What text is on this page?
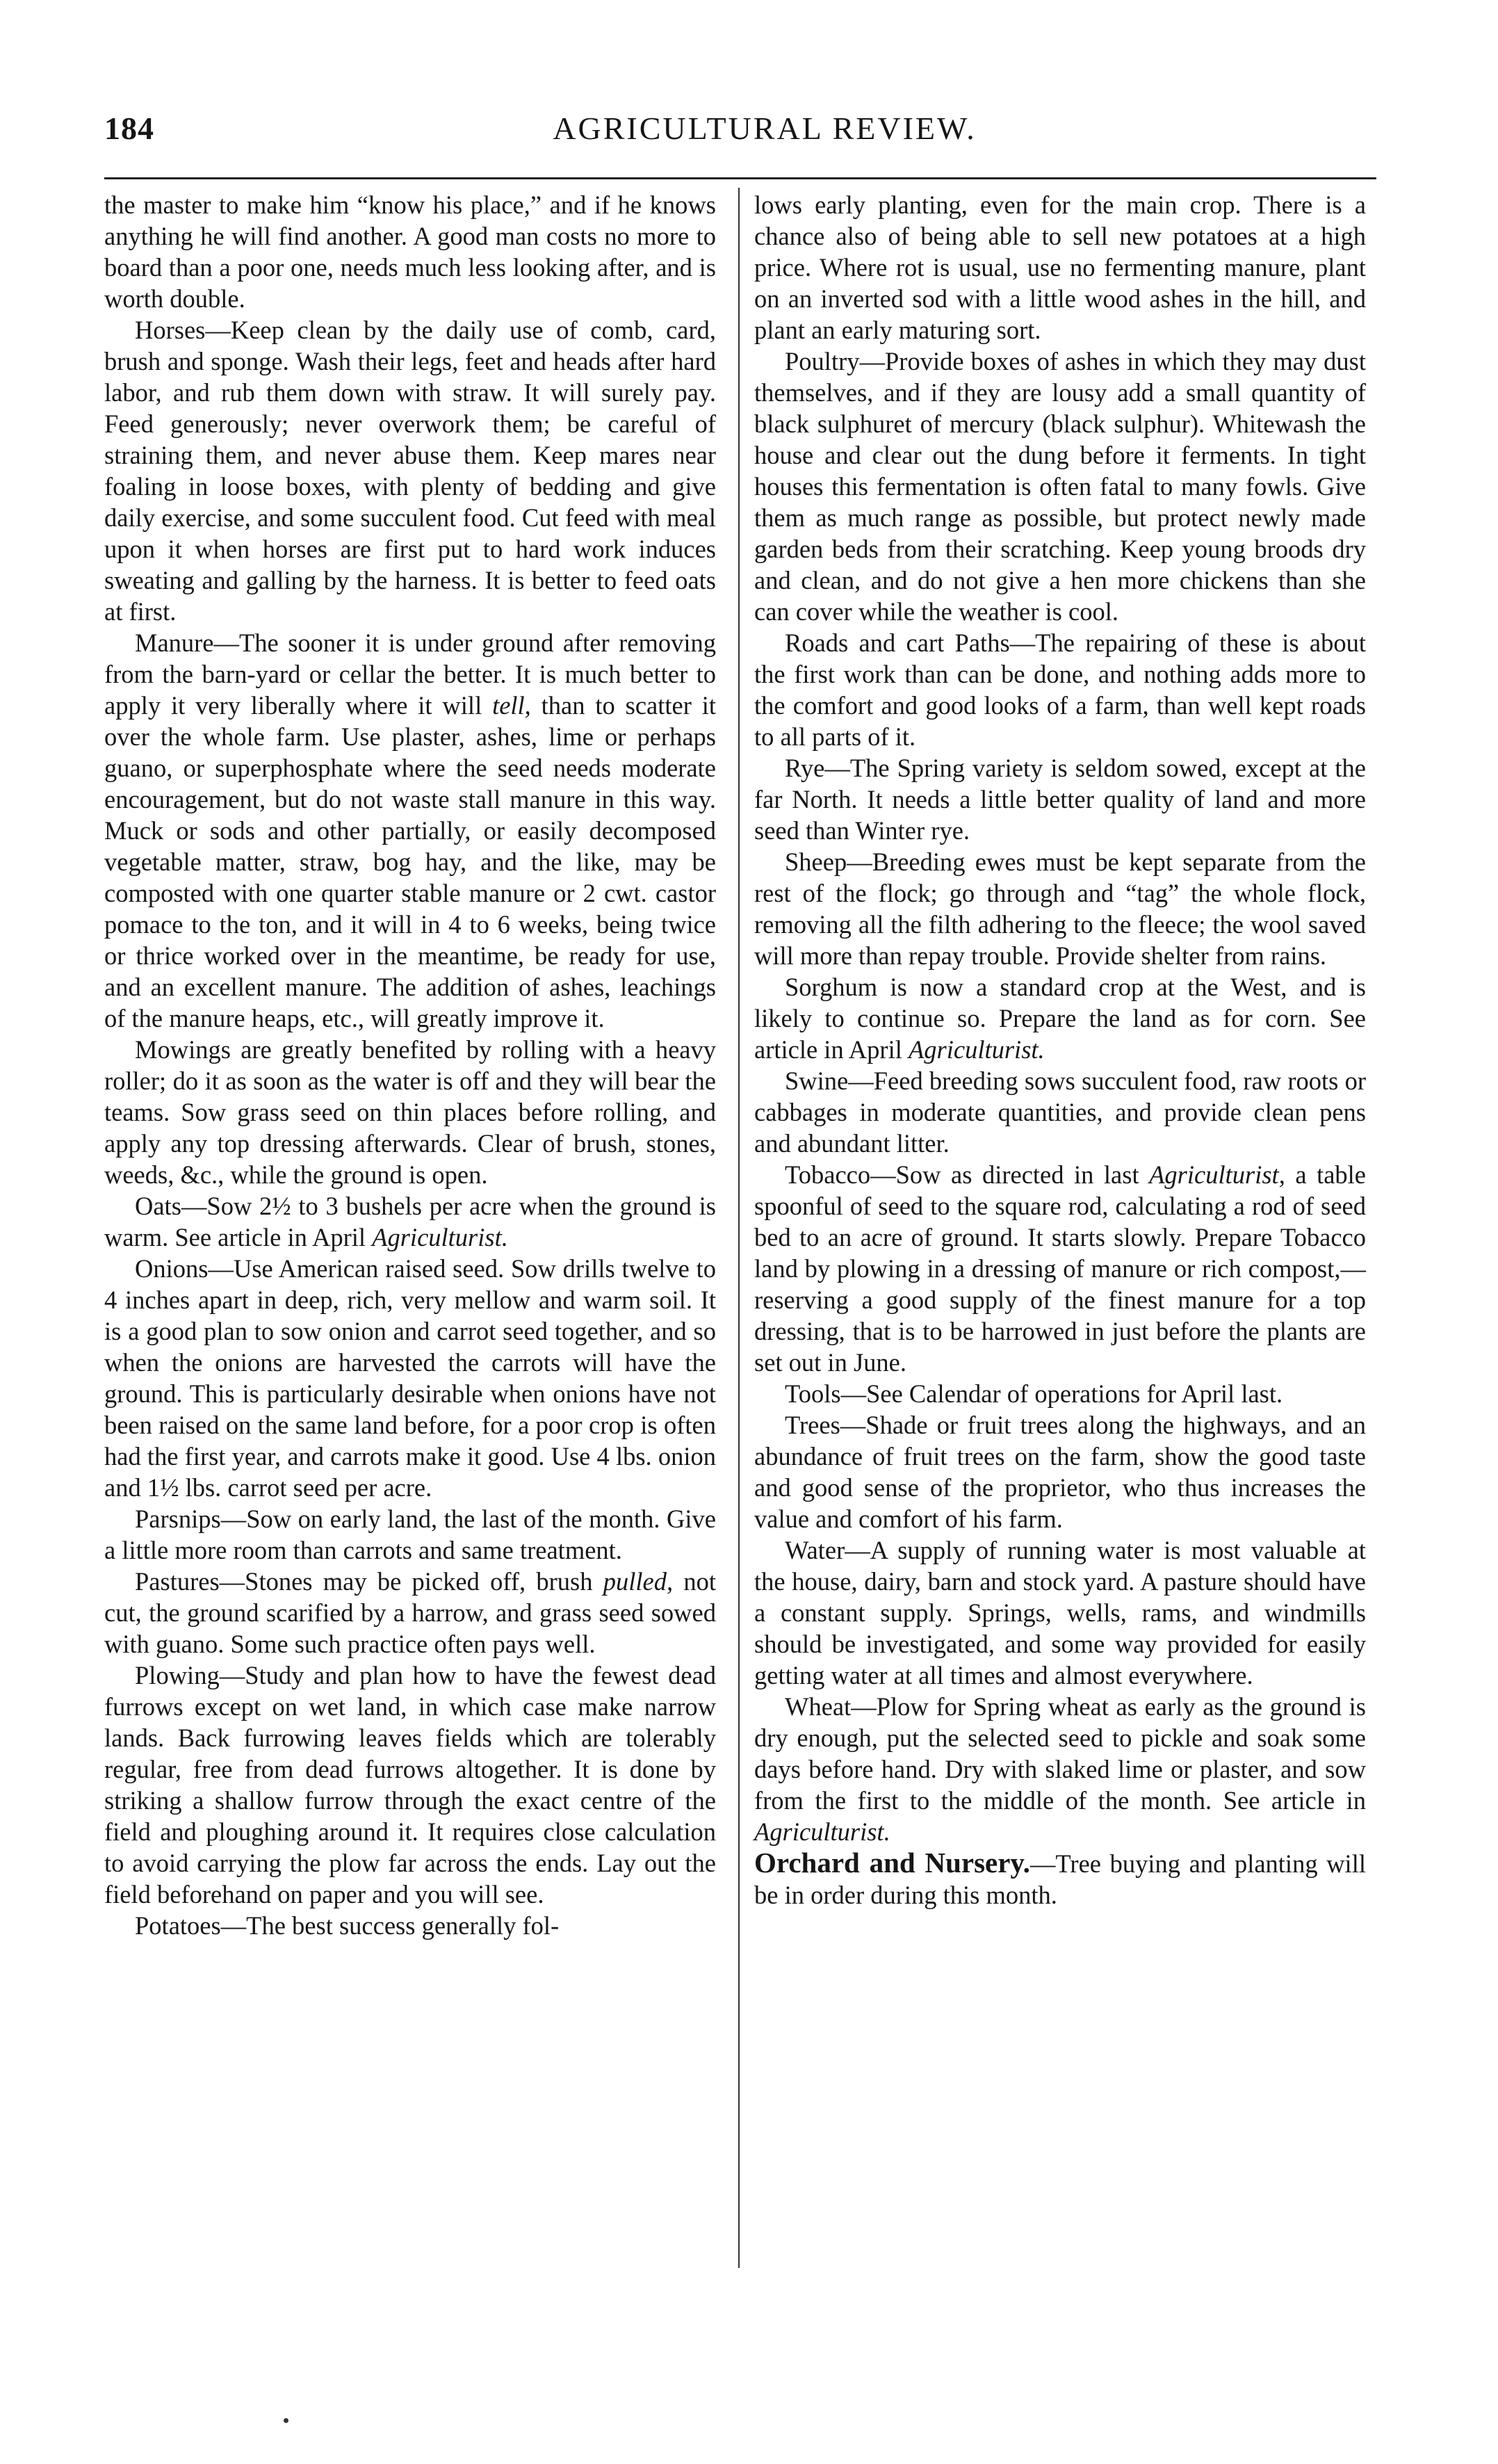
184	AGRICULTURAL REVIEW.

the master to make him “know his place,” and if he knows anything he will find another. A good man costs no more to board than a poor one, needs much less looking after, and is worth double.

Horses—Keep clean by the daily use of comb, card, brush and sponge. Wash their legs, feet and heads after hard labor, and rub them down with straw. It will surely pay. Feed generously; never overwork them; be careful of straining them, and never abuse them. Keep mares near foaling in loose boxes, with plenty of bedding and give daily exercise, and some succulent food. Cut feed with meal upon it when horses are first put to hard work induces sweating and galling by the harness. It is better to feed oats at first.

Manure—The sooner it is under ground after removing from the barn-yard or cellar the better. It is much better to apply it very liberally where it will tell, than to scatter it over the whole farm. Use plaster, ashes, lime or perhaps guano, or superphosphate where the seed needs moderate encouragement, but do not waste stall manure in this way. Muck or sods and other partially, or easily decomposed vegetable matter, straw, bog hay, and the like, may be composted with one quarter stable manure or 2 cwt. castor pomace to the ton, and it will in 4 to 6 weeks, being twice or thrice worked over in the meantime, be ready for use, and an excellent manure. The addition of ashes, leachings of the manure heaps, etc., will greatly improve it.

Mowings are greatly benefited by rolling with a heavy roller; do it as soon as the water is off and they will bear the teams. Sow grass seed on thin places before rolling, and apply any top dressing afterwards. Clear of brush, stones, weeds, &c., while the ground is open.

Oats—Sow 2½ to 3 bushels per acre when the ground is warm. See article in April Agriculturist.

Onions—Use American raised seed. Sow drills twelve to 4 inches apart in deep, rich, very mellow and warm soil. It is a good plan to sow onion and carrot seed together, and so when the onions are harvested the carrots will have the ground. This is particularly desirable when onions have not been raised on the same land before, for a poor crop is often had the first year, and carrots make it good. Use 4 lbs. onion and 1½ lbs. carrot seed per acre.

Parsnips—Sow on early land, the last of the month. Give a little more room than carrots and same treatment.

Pastures—Stones may be picked off, brush pulled, not cut, the ground scarified by a harrow, and grass seed sowed with guano. Some such practice often pays well.

Plowing—Study and plan how to have the fewest dead furrows except on wet land, in which case make narrow lands. Back furrowing leaves fields which are tolerably regular, free from dead furrows altogether. It is done by striking a shallow furrow through the exact centre of the field and ploughing around it. It requires close calculation to avoid carrying the plow far across the ends. Lay out the field beforehand on paper and you will see.

Potatoes—The best success generally fol-

lows early planting, even for the main crop. There is a chance also of being able to sell new potatoes at a high price. Where rot is usual, use no fermenting manure, plant on an inverted sod with a little wood ashes in the hill, and plant an early maturing sort.

Poultry—Provide boxes of ashes in which they may dust themselves, and if they are lousy add a small quantity of black sulphuret of mercury (black sulphur). Whitewash the house and clear out the dung before it ferments. In tight houses this fermentation is often fatal to many fowls. Give them as much range as possible, but protect newly made garden beds from their scratching. Keep young broods dry and clean, and do not give a hen more chickens than she can cover while the weather is cool.

Roads and cart Paths—The repairing of these is about the first work than can be done, and nothing adds more to the comfort and good looks of a farm, than well kept roads to all parts of it.

Rye—The Spring variety is seldom sowed, except at the far North. It needs a little better quality of land and more seed than Winter rye.

Sheep—Breeding ewes must be kept separate from the rest of the flock; go through and “tag” the whole flock, removing all the filth adhering to the fleece; the wool saved will more than repay trouble. Provide shelter from rains.

Sorghum is now a standard crop at the West, and is likely to continue so. Prepare the land as for corn. See article in April Agriculturist.

Swine—Feed breeding sows succulent food, raw roots or cabbages in moderate quantities, and provide clean pens and abundant litter.

Tobacco—Sow as directed in last Agriculturist, a table spoonful of seed to the square rod, calculating a rod of seed bed to an acre of ground. It starts slowly. Prepare Tobacco land by plowing in a dressing of manure or rich compost,—reserving a good supply of the finest manure for a top dressing, that is to be harrowed in just before the plants are set out in June.

Tools—See Calendar of operations for April last.

Trees—Shade or fruit trees along the highways, and an abundance of fruit trees on the farm, show the good taste and good sense of the proprietor, who thus increases the value and comfort of his farm.

Water—A supply of running water is most valuable at the house, dairy, barn and stock yard. A pasture should have a constant supply. Springs, wells, rams, and windmills should be investigated, and some way provided for easily getting water at all times and almost everywhere.

Wheat—Plow for Spring wheat as early as the ground is dry enough, put the selected seed to pickle and soak some days before hand. Dry with slaked lime or plaster, and sow from the first to the middle of the month. See article in Agriculturist.

Orchard and Nursery.—Tree buying and planting will be in order during this month.
